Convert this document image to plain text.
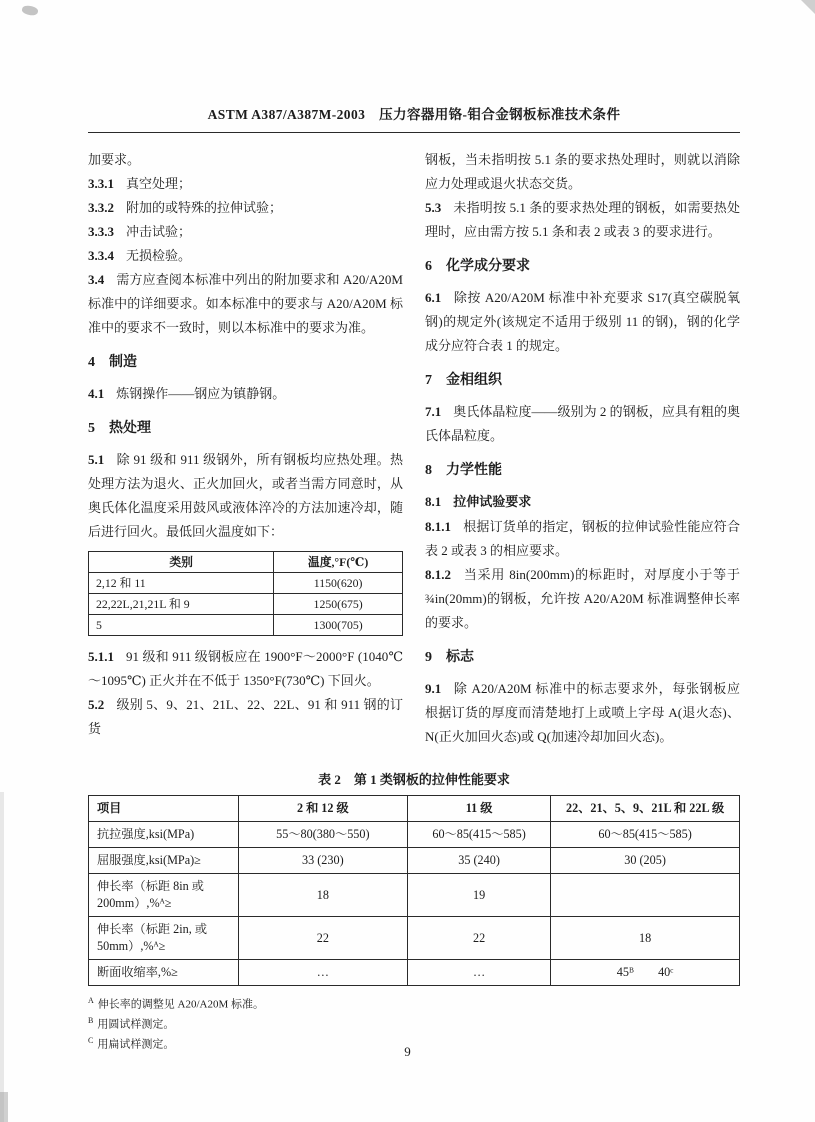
ASTM A387/A387M-2003　压力容器用铬-钼合金钢板标准技术条件

加要求。

3.3.1 真空处理；

3.3.2 附加的或特殊的拉伸试验；

3.3.3 冲击试验；

3.3.4 无损检验。

3.4 需方应查阅本标准中列出的附加要求和 A20/A20M 标准中的详细要求。如本标准中的要求与 A20/A20M 标准中的要求不一致时，则以本标准中的要求为准。

4 制造

4.1 炼钢操作——钢应为镇静钢。

5 热处理

5.1 除 91 级和 911 级钢外，所有钢板均应热处理。热处理方法为退火、正火加回火，或者当需方同意时，从奥氏体化温度采用鼓风或液体淬冷的方法加速冷却，随后进行回火。最低回火温度如下：

类别	温度,°F(℃)
2,12 和 11	1150(620)
22,22L,21,21L 和 9	1250(675)
5	1300(705)

5.1.1 91 级和 911 级钢板应在 1900°F～2000°F (1040℃～1095℃) 正火并在不低于 1350°F(730℃) 下回火。

5.2 级别 5、9、21、21L、22、22L、91 和 911 钢的订货

钢板，当未指明按 5.1 条的要求热处理时，则就以消除应力处理或退火状态交货。

5.3 未指明按 5.1 条的要求热处理的钢板，如需要热处理时，应由需方按 5.1 条和表 2 或表 3 的要求进行。

6 化学成分要求

6.1 除按 A20/A20M 标准中补充要求 S17(真空碳脱氧钢)的规定外(该规定不适用于级别 11 的钢)，钢的化学成分应符合表 1 的规定。

7 金相组织

7.1 奥氏体晶粒度——级别为 2 的钢板，应具有粗的奥氏体晶粒度。

8 力学性能

8.1 拉伸试验要求

8.1.1 根据订货单的指定，钢板的拉伸试验性能应符合表 2 或表 3 的相应要求。

8.1.2 当采用 8in(200mm)的标距时，对厚度小于等于 ¾in(20mm)的钢板，允许按 A20/A20M 标准调整伸长率的要求。

9 标志

9.1 除 A20/A20M 标准中的标志要求外，每张钢板应根据订货的厚度而清楚地打上或喷上字母 A(退火态)、N(正火加回火态)或 Q(加速冷却加回火态)。

表 2　第 1 类钢板的拉伸性能要求
项目	2 和 12 级	11 级	22、21、5、9、21L 和 22L 级
抗拉强度,ksi(MPa)	55～80(380～550)	60～85(415～585)	60～85(415～585)
屈服强度,ksi(MPa)≥	33 (230)	35 (240)	30 (205)
伸长率（标距 8in 或 200mm）,%ᴬ≥	18	19	
伸长率（标距 2in, 或 50mm）,%ᴬ≥	22	22	18
断面收缩率,%≥	…	…	45ᴮ　　40ᶜ
$^A$ 伸长率的调整见 A20/A20M 标准。
$^B$ 用圆试样测定。
$^C$ 用扁试样测定。	9
